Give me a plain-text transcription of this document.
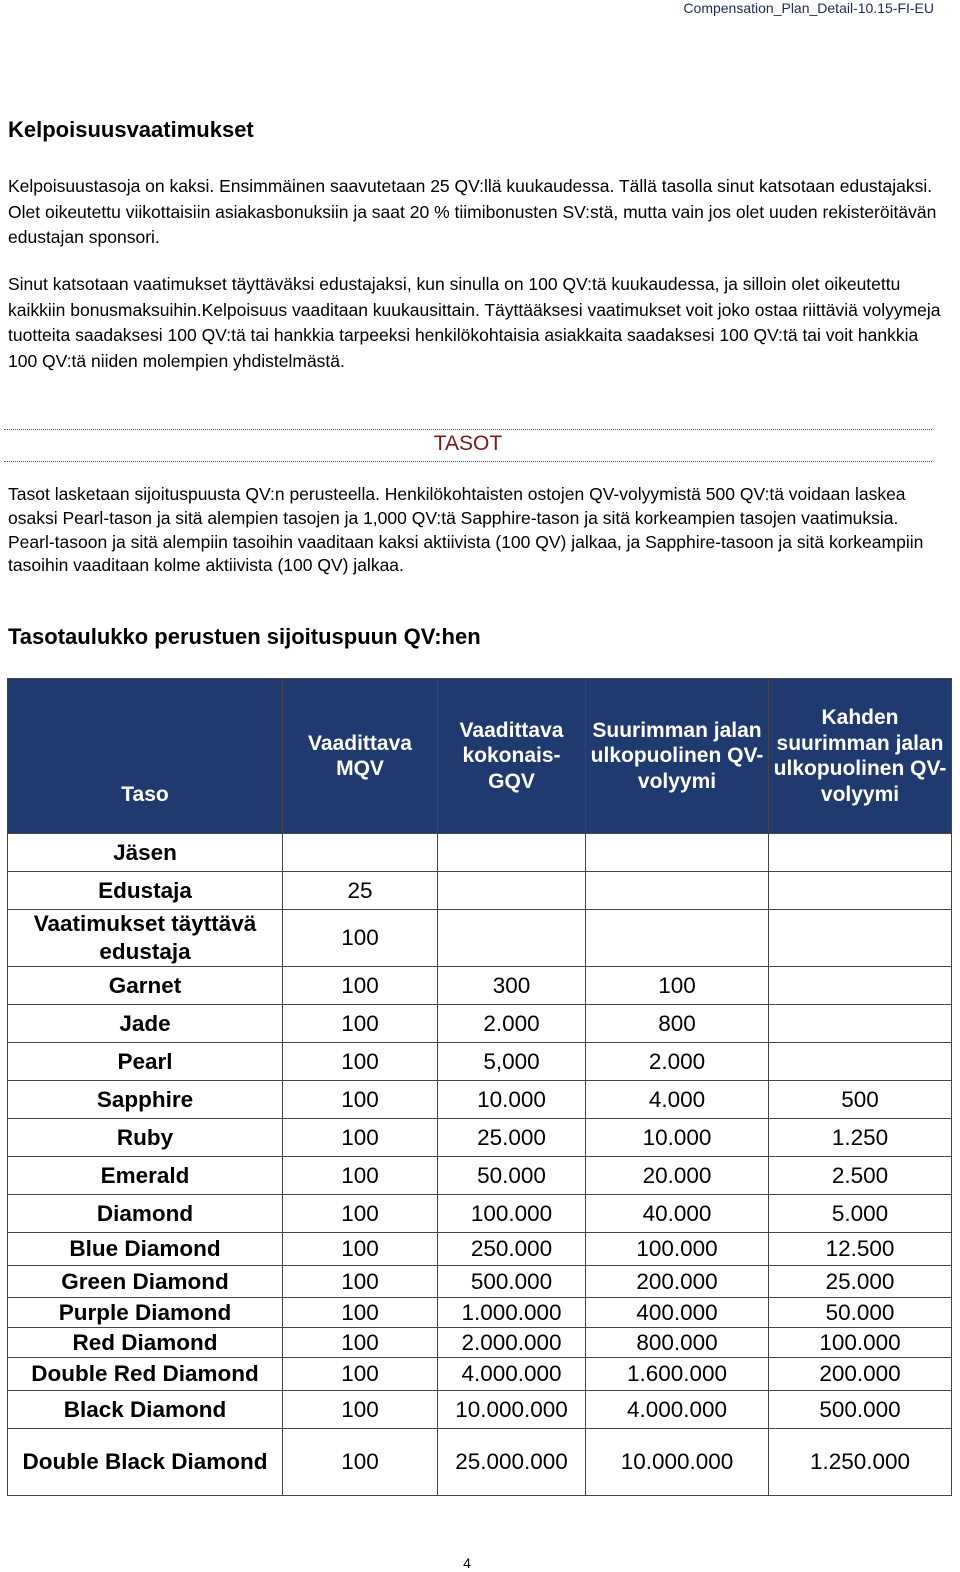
Compensation_Plan_Detail-10.15-FI-EU
Kelpoisuusvaatimukset

Kelpoisuustasoja on kaksi. Ensimmäinen saavutetaan 25 QV:llä kuukaudessa. Tällä tasolla sinut katsotaan edustajaksi. Olet oikeutettu viikottaisiin asiakasbonuksiin ja saat 20 % tiimibonusten SV:stä, mutta vain jos olet uuden rekisteröitävän edustajan sponsori.

Sinut katsotaan vaatimukset täyttäväksi edustajaksi, kun sinulla on 100 QV:tä kuukaudessa, ja silloin olet oikeutettu kaikkiin bonusmaksuihin.Kelpoisuus vaaditaan kuukausittain. Täyttääksesi vaatimukset voit joko ostaa riittäviä volyymeja tuotteita saadaksesi 100 QV:tä tai hankkia tarpeeksi henkilökohtaisia asiakkaita saadaksesi 100 QV:tä tai voit hankkia 100 QV:tä niiden molempien yhdistelmästä.

TASOT

Tasot lasketaan sijoituspuusta QV:n perusteella. Henkilökohtaisten ostojen QV-volyymistä 500 QV:tä voidaan laskea osaksi Pearl-tason ja sitä alempien tasojen ja 1,000 QV:tä Sapphire-tason ja sitä korkeampien tasojen vaatimuksia. Pearl-tasoon ja sitä alempiin tasoihin vaaditaan kaksi aktiivista (100 QV) jalkaa, ja Sapphire-tasoon ja sitä korkeampiin tasoihin vaaditaan kolme aktiivista (100 QV) jalkaa.

Tasotaulukko perustuen sijoituspuun QV:hen
Taso	Vaadittava MQV	Vaadittava kokonais-GQV	Suurimman jalan ulkopuolinen QV-volyymi	Kahden suurimman jalan ulkopuolinen QV-volyymi
Jäsen				
Edustaja	25			
Vaatimukset täyttävä edustaja	100			
Garnet	100	300	100	
Jade	100	2.000	800	
Pearl	100	5,000	2.000	
Sapphire	100	10.000	4.000	500
Ruby	100	25.000	10.000	1.250
Emerald	100	50.000	20.000	2.500
Diamond	100	100.000	40.000	5.000
Blue Diamond	100	250.000	100.000	12.500
Green Diamond	100	500.000	200.000	25.000
Purple Diamond	100	1.000.000	400.000	50.000
Red Diamond	100	2.000.000	800.000	100.000
Double Red Diamond	100	4.000.000	1.600.000	200.000
Black Diamond	100	10.000.000	4.000.000	500.000
Double Black Diamond	100	25.000.000	10.000.000	1.250.000
4
